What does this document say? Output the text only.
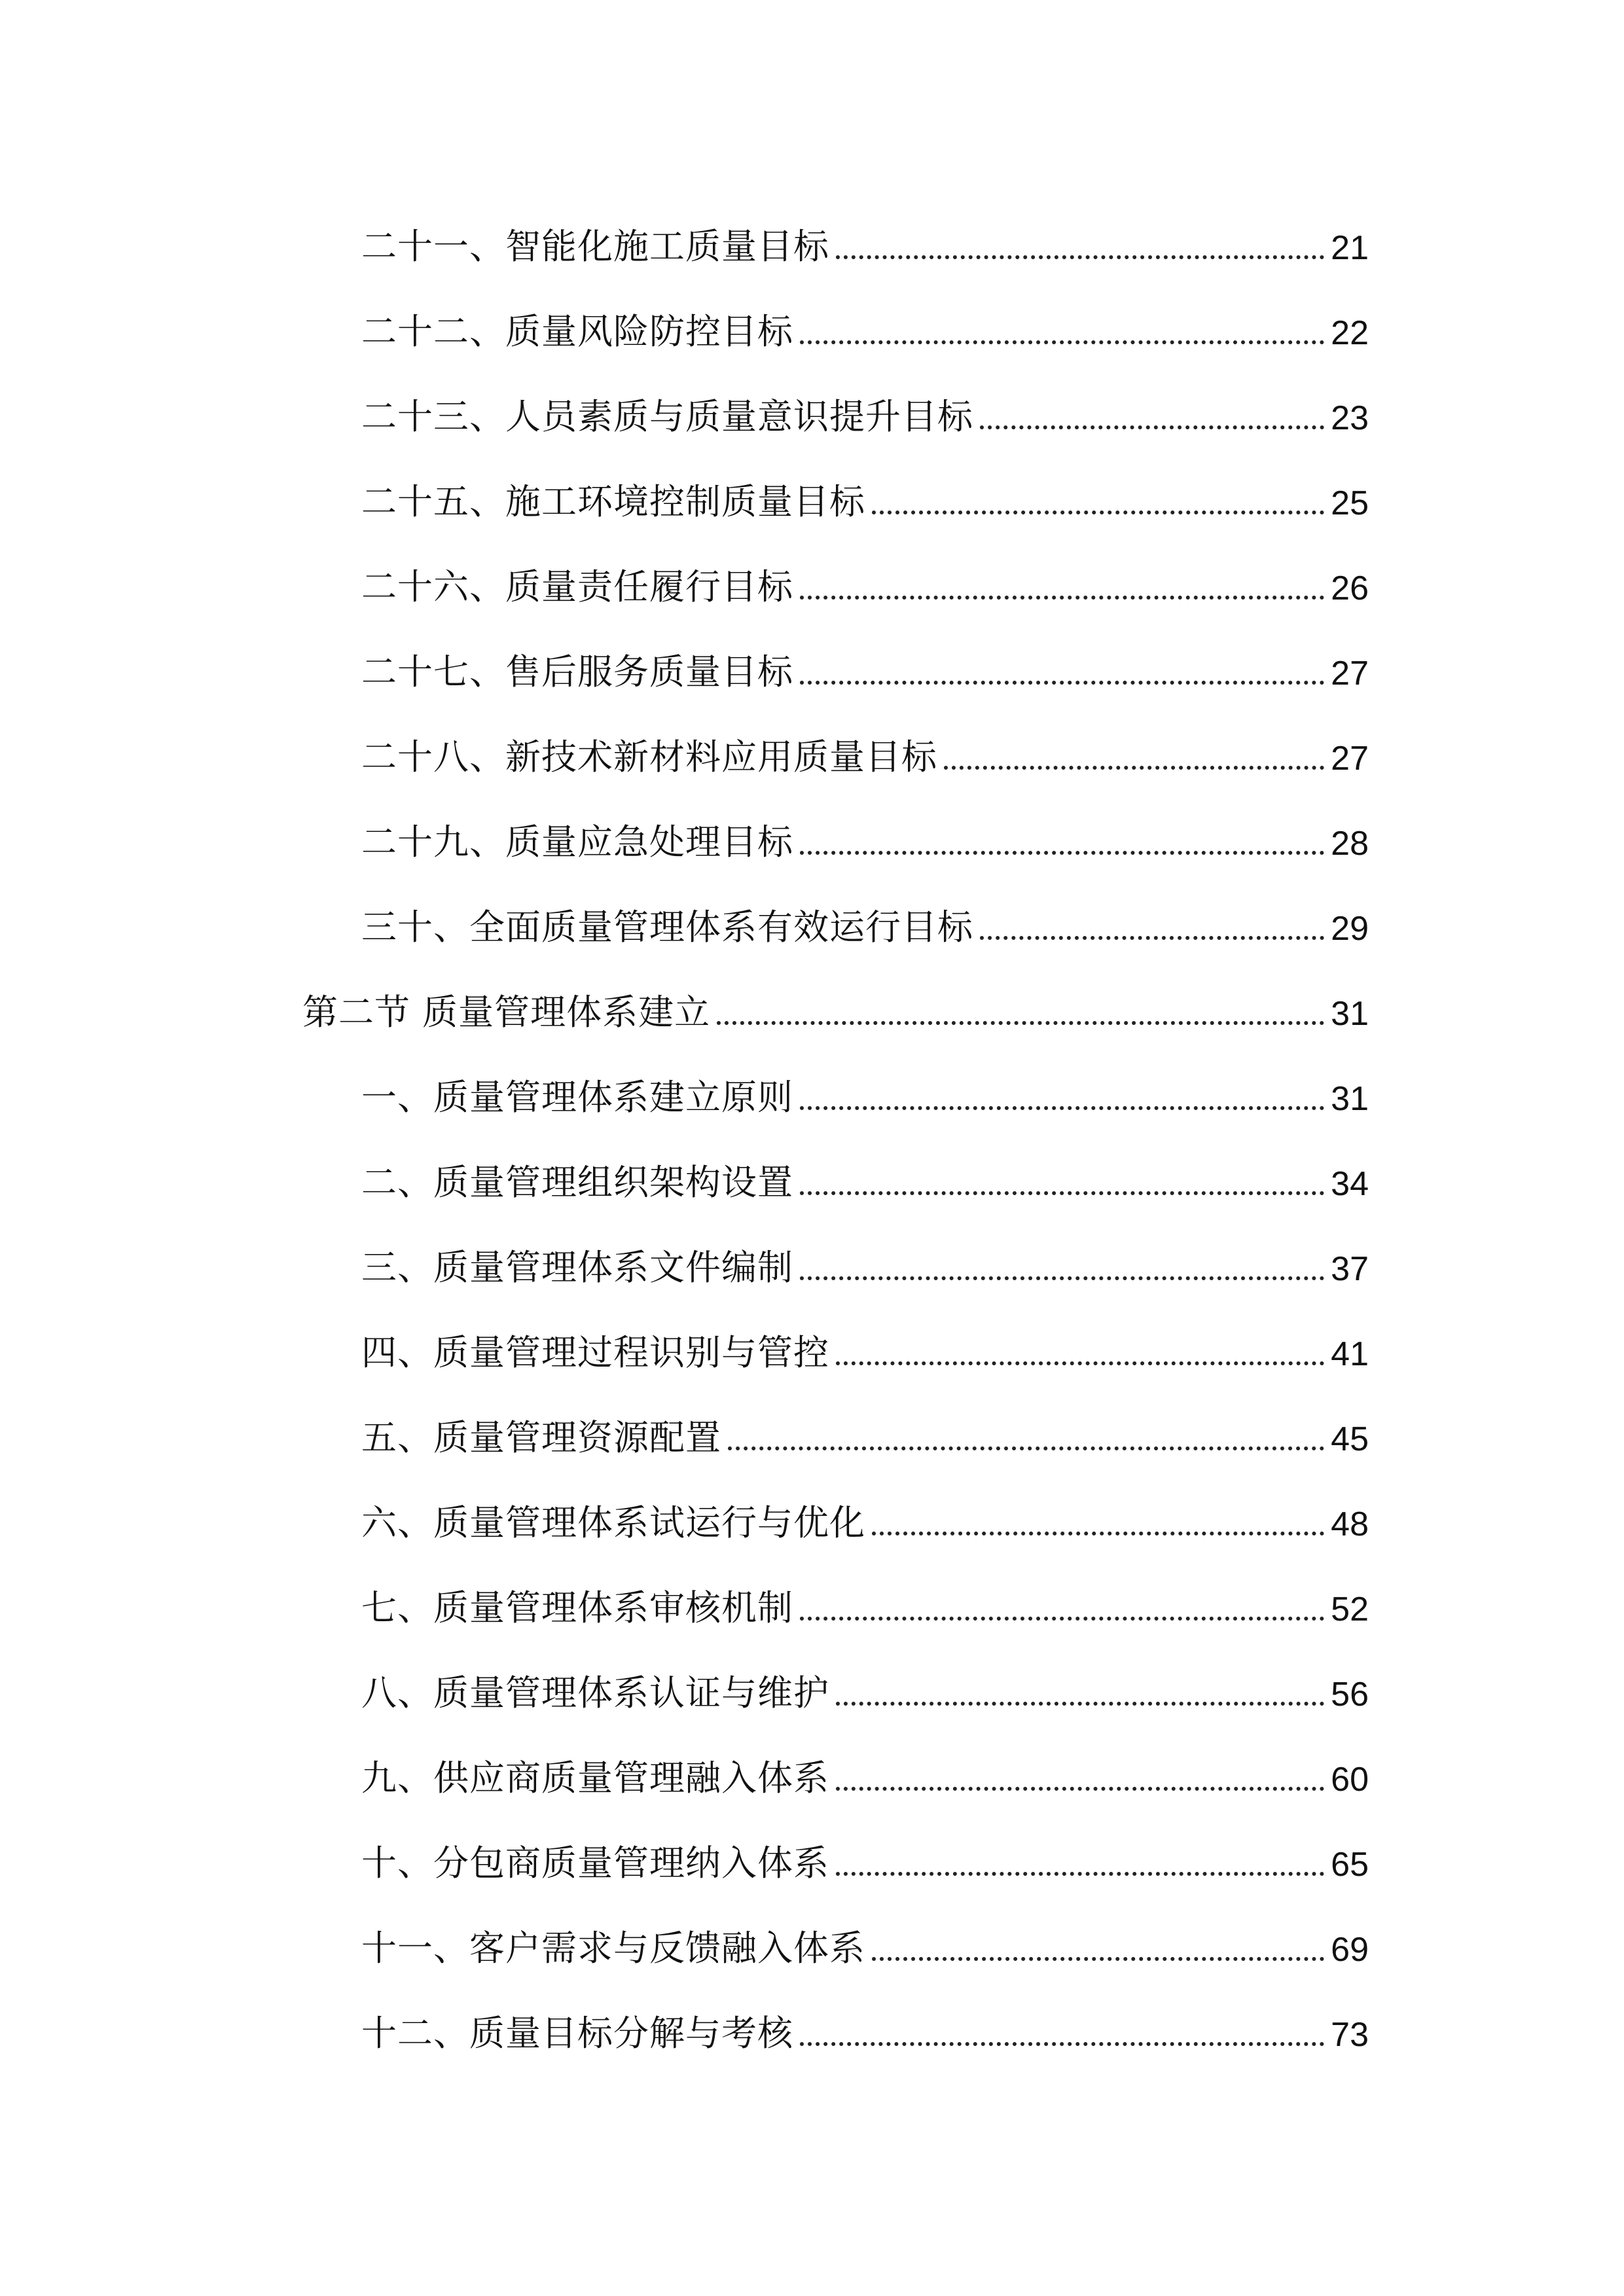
二十一、智能化施工质量目标	21
二十二、质量风险防控目标	22
二十三、人员素质与质量意识提升目标	23
二十五、施工环境控制质量目标	25
二十六、质量责任履行目标	26
二十七、售后服务质量目标	27
二十八、新技术新材料应用质量目标	27
二十九、质量应急处理目标	28
三十、全面质量管理体系有效运行目标	29
第二节 质量管理体系建立	31
一、质量管理体系建立原则	31
二、质量管理组织架构设置	34
三、质量管理体系文件编制	37
四、质量管理过程识别与管控	41
五、质量管理资源配置	45
六、质量管理体系试运行与优化	48
七、质量管理体系审核机制	52
八、质量管理体系认证与维护	56
九、供应商质量管理融入体系	60
十、分包商质量管理纳入体系	65
十一、客户需求与反馈融入体系	69
十二、质量目标分解与考核	73
